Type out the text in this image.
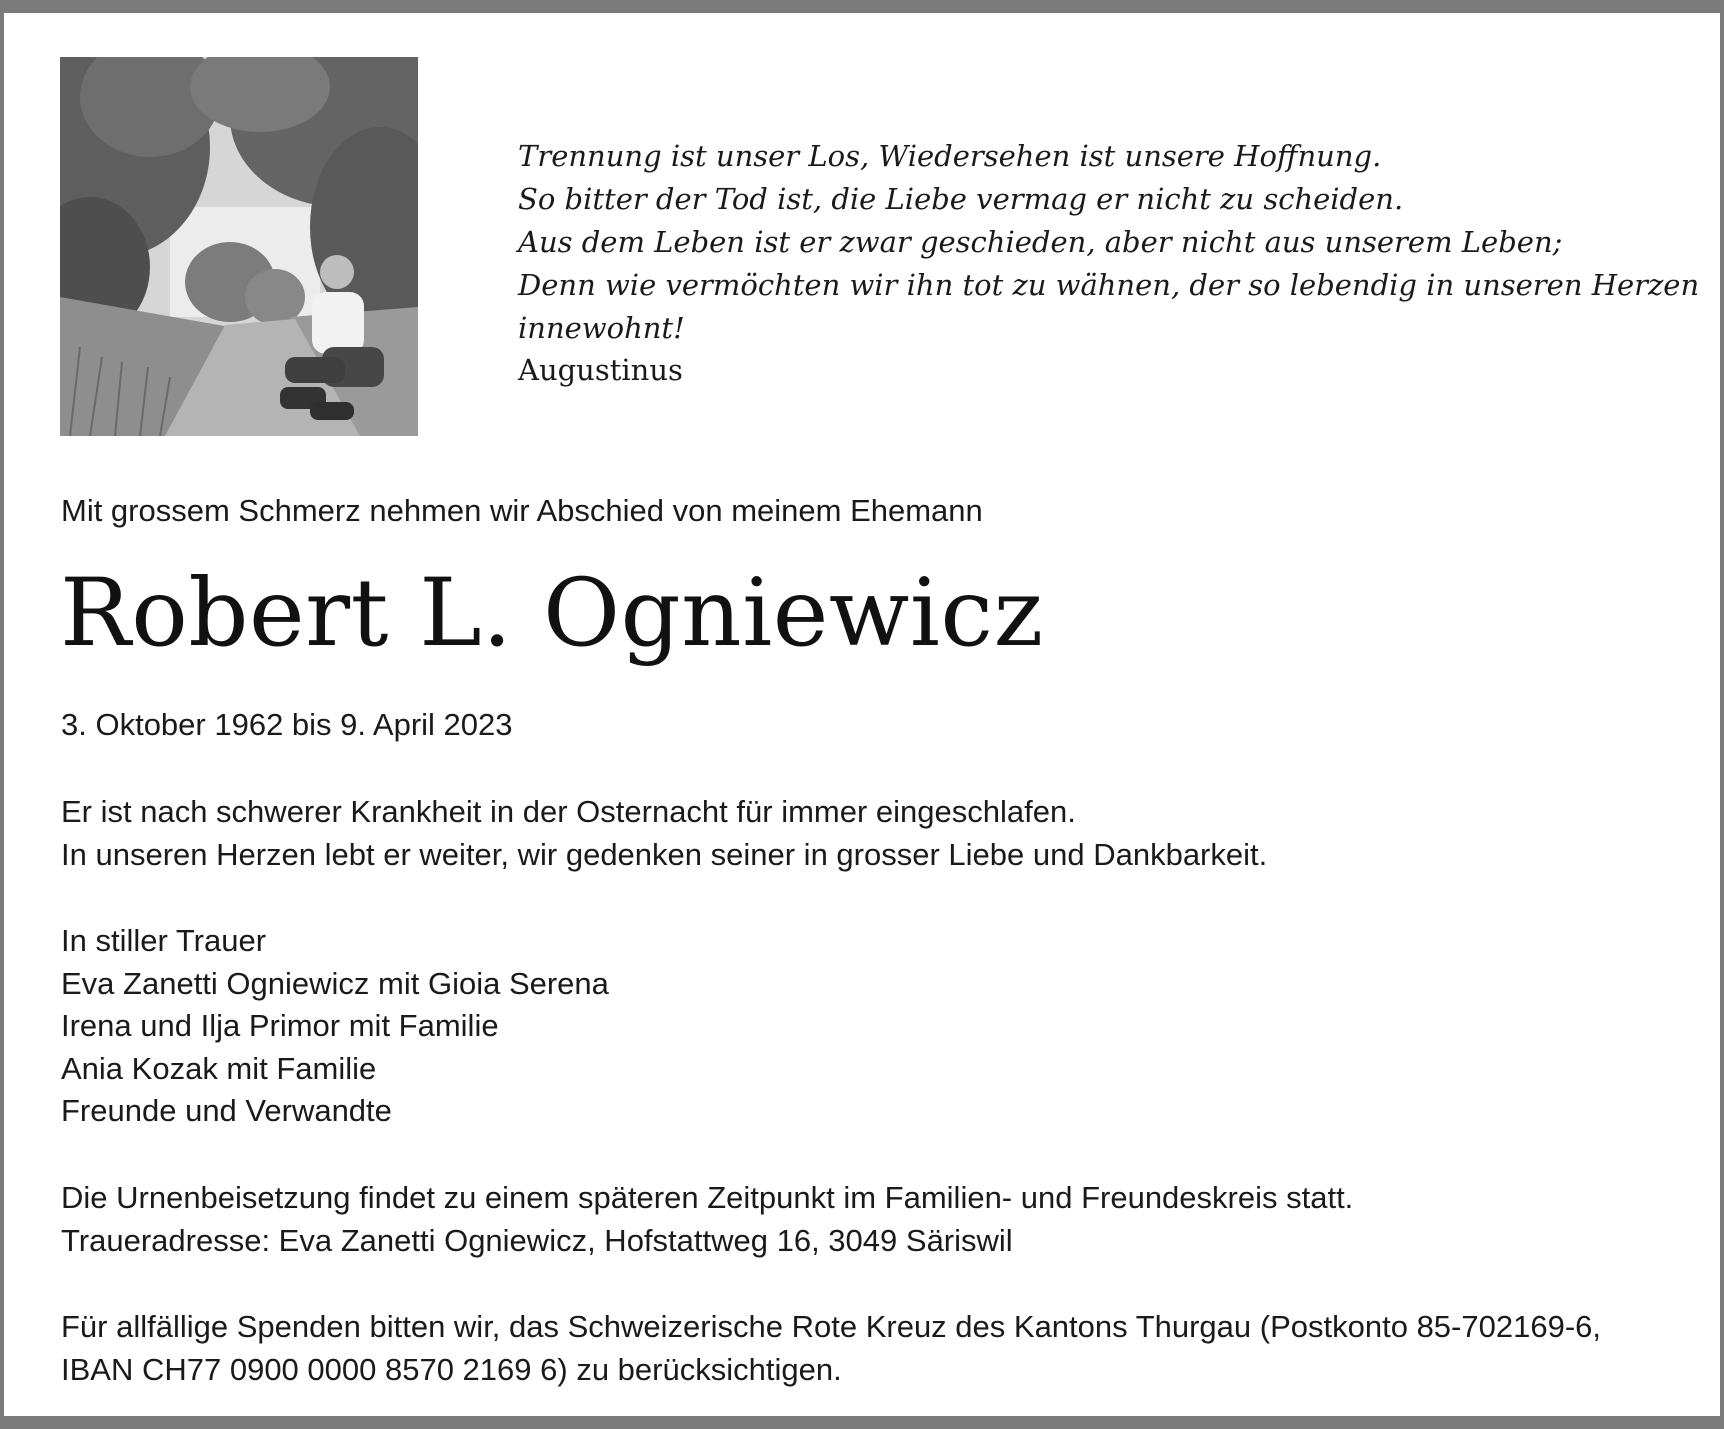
Trennung ist unser Los, Wiedersehen ist unsere Hoffnung.
So bitter der Tod ist, die Liebe vermag er nicht zu scheiden.
Aus dem Leben ist er zwar geschieden, aber nicht aus unserem Leben;
Denn wie vermöchten wir ihn tot zu wähnen, der so lebendig in unseren Herzen
innewohnt!
Augustinus
Mit grossem Schmerz nehmen wir Abschied von meinem Ehemann
Robert L. Ogniewicz
3. Oktober 1962 bis 9. April 2023
Er ist nach schwerer Krankheit in der Osternacht für immer eingeschlafen.
In unseren Herzen lebt er weiter, wir gedenken seiner in grosser Liebe und Dankbarkeit.
In stiller Trauer
Eva Zanetti Ogniewicz mit Gioia Serena
Irena und Ilja Primor mit Familie
Ania Kozak mit Familie
Freunde und Verwandte
Die Urnenbeisetzung findet zu einem späteren Zeitpunkt im Familien- und Freundeskreis statt.
Traueradresse: Eva Zanetti Ogniewicz, Hofstattweg 16, 3049 Säriswil
Für allfällige Spenden bitten wir, das Schweizerische Rote Kreuz des Kantons Thurgau (Postkonto 85-702169-6,
IBAN CH77 0900 0000 8570 2169 6) zu berücksichtigen.
